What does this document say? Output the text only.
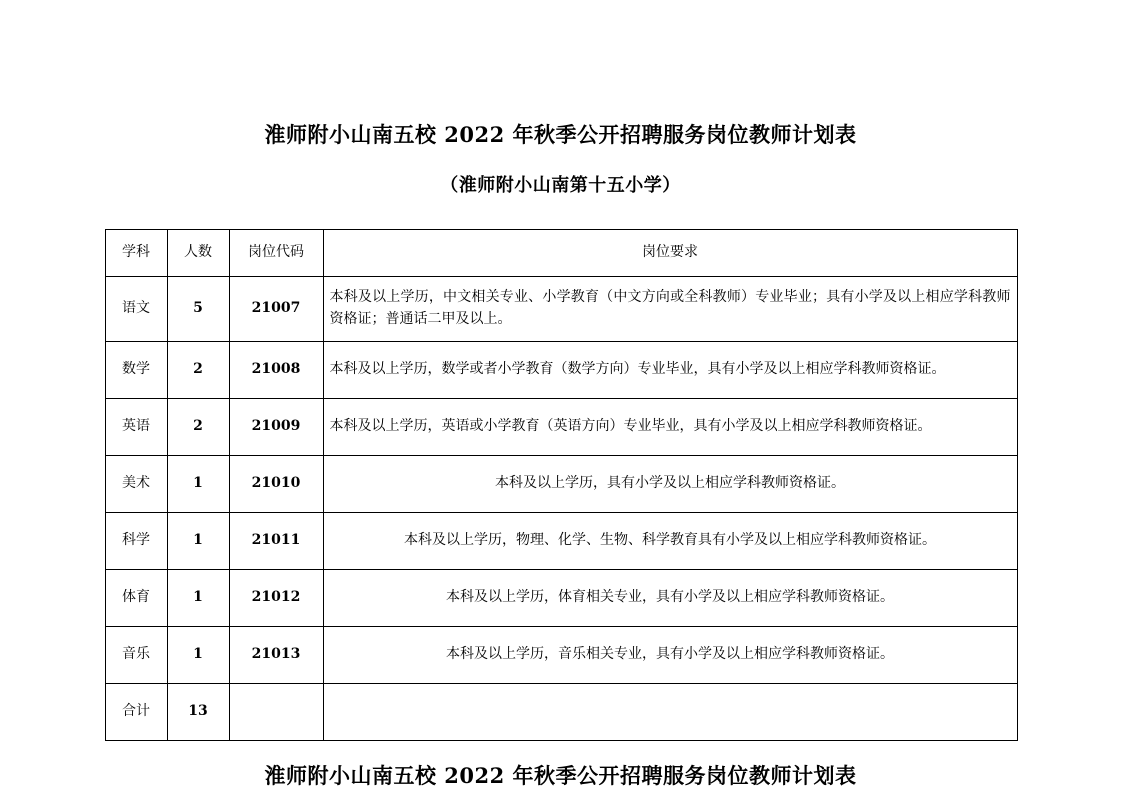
淮师附小山南五校 2022 年秋季公开招聘服务岗位教师计划表
（淮师附小山南第十五小学）
学科	人数	岗位代码	岗位要求
语文	5	21007	本科及以上学历，中文相关专业、小学教育（中文方向或全科教师）专业毕业；具有小学及以上相应学科教师资格证；普通话二甲及以上。
数学	2	21008	本科及以上学历，数学或者小学教育（数学方向）专业毕业，具有小学及以上相应学科教师资格证。
英语	2	21009	本科及以上学历，英语或小学教育（英语方向）专业毕业，具有小学及以上相应学科教师资格证。
美术	1	21010	本科及以上学历，具有小学及以上相应学科教师资格证。
科学	1	21011	本科及以上学历，物理、化学、生物、科学教育具有小学及以上相应学科教师资格证。
体育	1	21012	本科及以上学历，体育相关专业，具有小学及以上相应学科教师资格证。
音乐	1	21013	本科及以上学历，音乐相关专业，具有小学及以上相应学科教师资格证。
合计	13		
淮师附小山南五校 2022 年秋季公开招聘服务岗位教师计划表
